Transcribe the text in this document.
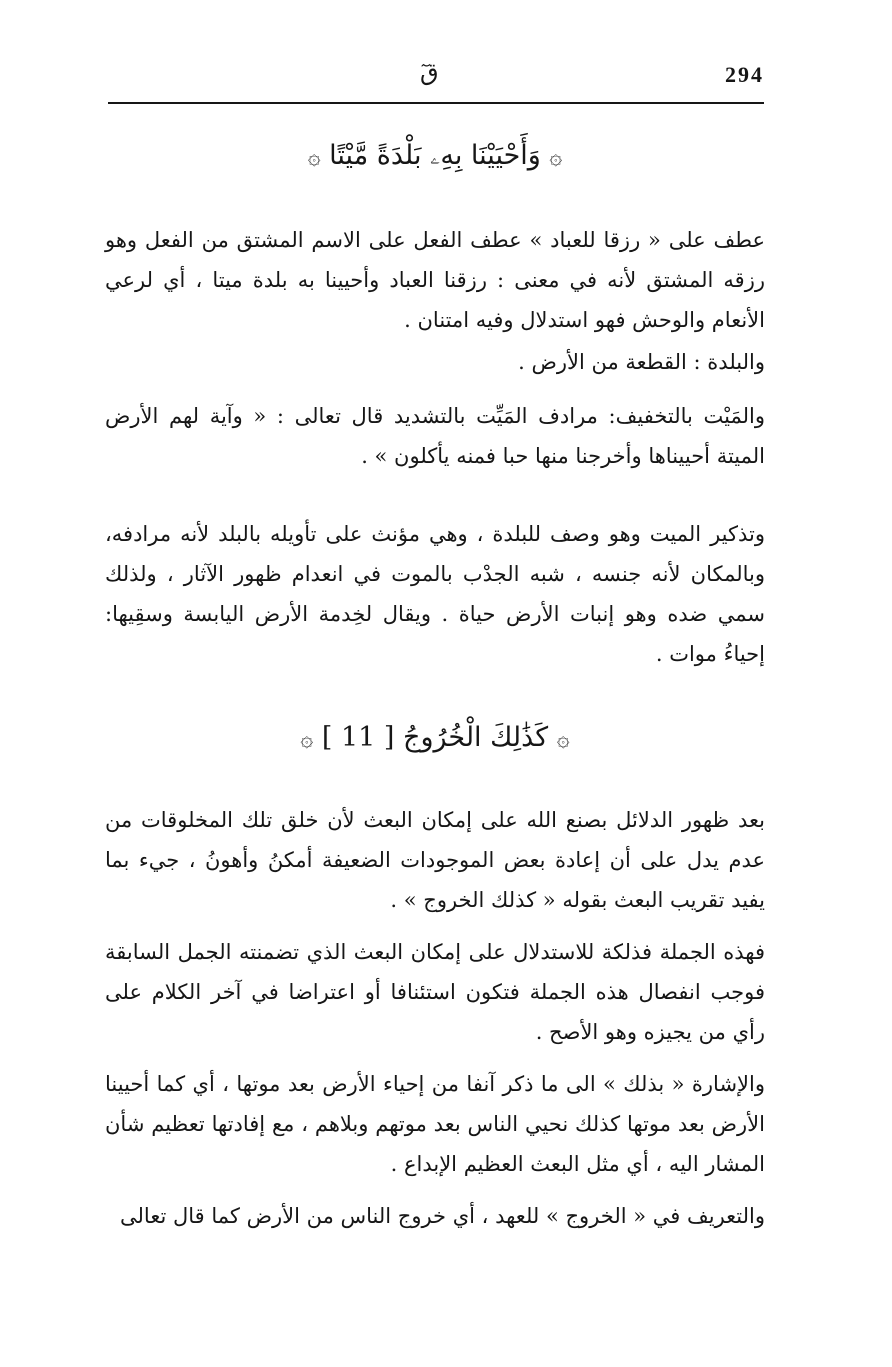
294
قٓ
۞ وَأَحْيَيْنَا بِهِۦ بَلْدَةً مَّيْتًا ۞

عطف على « رزقا للعباد » عطف الفعل على الاسم المشتق من الفعل وهو رزقه المشتق لأنه في معنى : رزقنا العباد وأحيينا به بلدة ميتا ، أي لرعي الأنعام والوحش فهو استدلال وفيه امتنان .

والبلدة : القطعة من الأرض .

والمَيْت بالتخفيف: مرادف المَيِّت بالتشديد قال تعالى : « وآية لهم الأرض الميتة أحييناها وأخرجنا منها حبا فمنه يأكلون » .

وتذكير الميت وهو وصف للبلدة ، وهي مؤنث على تأويله بالبلد لأنه مرادفه، وبالمكان لأنه جنسه ، شبه الجدْب بالموت في انعدام ظهور الآثار ، ولذلك سمي ضده وهو إنبات الأرض حياة . ويقال لخِدمة الأرض اليابسة وسقِيها: إحياءُ موات .

۞ كَذَٰلِكَ الْخُرُوجُ [ 11 ] ۞

بعد ظهور الدلائل بصنع الله على إمكان البعث لأن خلق تلك المخلوقات من عدم يدل على أن إعادة بعض الموجودات الضعيفة أمكنُ وأهونُ ، جيء بما يفيد تقريب البعث بقوله « كذلك الخروج » .

فهذه الجملة فذلكة للاستدلال على إمكان البعث الذي تضمنته الجمل السابقة فوجب انفصال هذه الجملة فتكون استئنافا أو اعتراضا في آخر الكلام على رأي من يجيزه وهو الأصح .

والإشارة « بذلك » الى ما ذكر آنفا من إحياء الأرض بعد موتها ، أي كما أحيينا الأرض بعد موتها كذلك نحيي الناس بعد موتهم وبلاهم ، مع إفادتها تعظيم شأن المشار اليه ، أي مثل البعث العظيم الإبداع .

والتعريف في « الخروج » للعهد ، أي خروج الناس من الأرض كما قال تعالى
